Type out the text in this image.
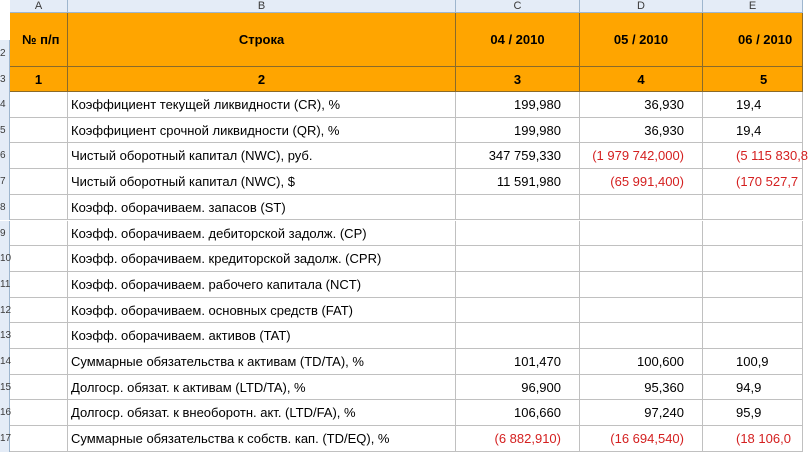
A	B	C	D	E
2
3
4
5
6
7
8
9
10
11
12
13
14
15
16
17
№ п/п	Строка	04 / 2010	05 / 2010	06 / 2010
1	2	3	4	5
Коэффициент текущей ликвидности (CR), %	199,980	36,930	19,4
Коэффициент срочной ликвидности (QR), %	199,980	36,930	19,4
Чистый оборотный капитал (NWC), руб.	347 759,330	(1 979 742,000)	(5 115 830,8
Чистый оборотный капитал (NWC), $	11 591,980	(65 991,400)	(170 527,7
Коэфф. оборачиваем. запасов (ST)
Коэфф. оборачиваем. дебиторской задолж. (CP)
Коэфф. оборачиваем. кредиторской задолж. (CPR)
Коэфф. оборачиваем. рабочего капитала (NCT)
Коэфф. оборачиваем. основных средств (FAT)
Коэфф. оборачиваем. активов (TAT)
Суммарные обязательства к активам (TD/TA), %	101,470	100,600	100,9
Долгоср. обязат. к активам (LTD/TA), %	96,900	95,360	94,9
Долгоср. обязат. к внеоборотн. акт. (LTD/FA), %	106,660	97,240	95,9
Суммарные обязательства к собств. кап. (TD/EQ), %	(6 882,910)	(16 694,540)	(18 106,0
